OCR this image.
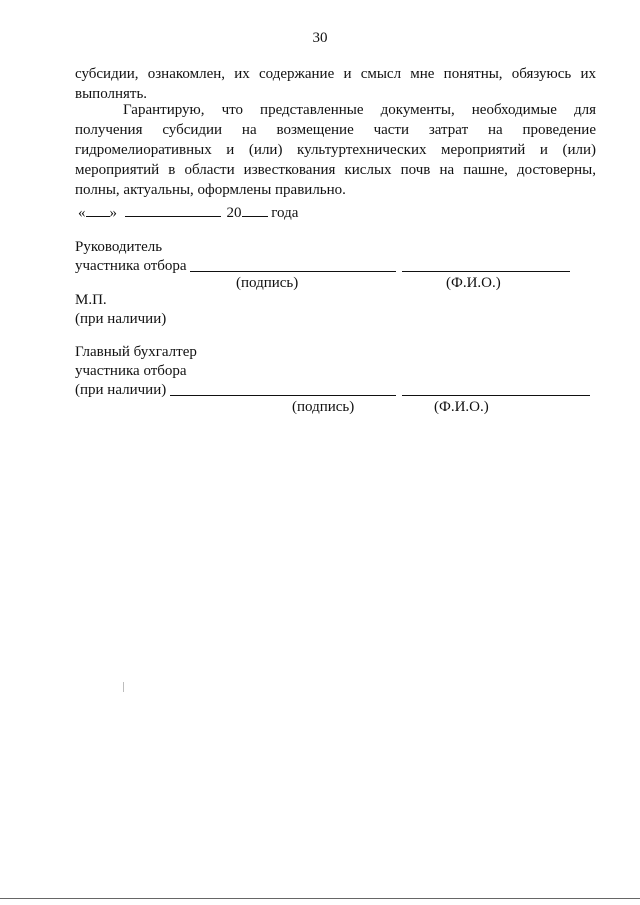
30

субсидии, ознакомлен, их содержание и смысл мне понятны, обязуюсь их выполнять.

Гарантирую, что представленные документы, необходимые для получения субсидии на возмещение части затрат на проведение гидромелиоративных и (или) культуртехнических мероприятий и (или) мероприятий в области известкования кислых почв на пашне, достоверны, полны, актуальны, оформлены правильно.

« »	20 года
Руководитель
участника отбора
(подпись)	(Ф.И.О.)
М.П.
(при наличии)
Главный бухгалтер
участника отбора
(при наличии)
(подпись)	(Ф.И.О.)
